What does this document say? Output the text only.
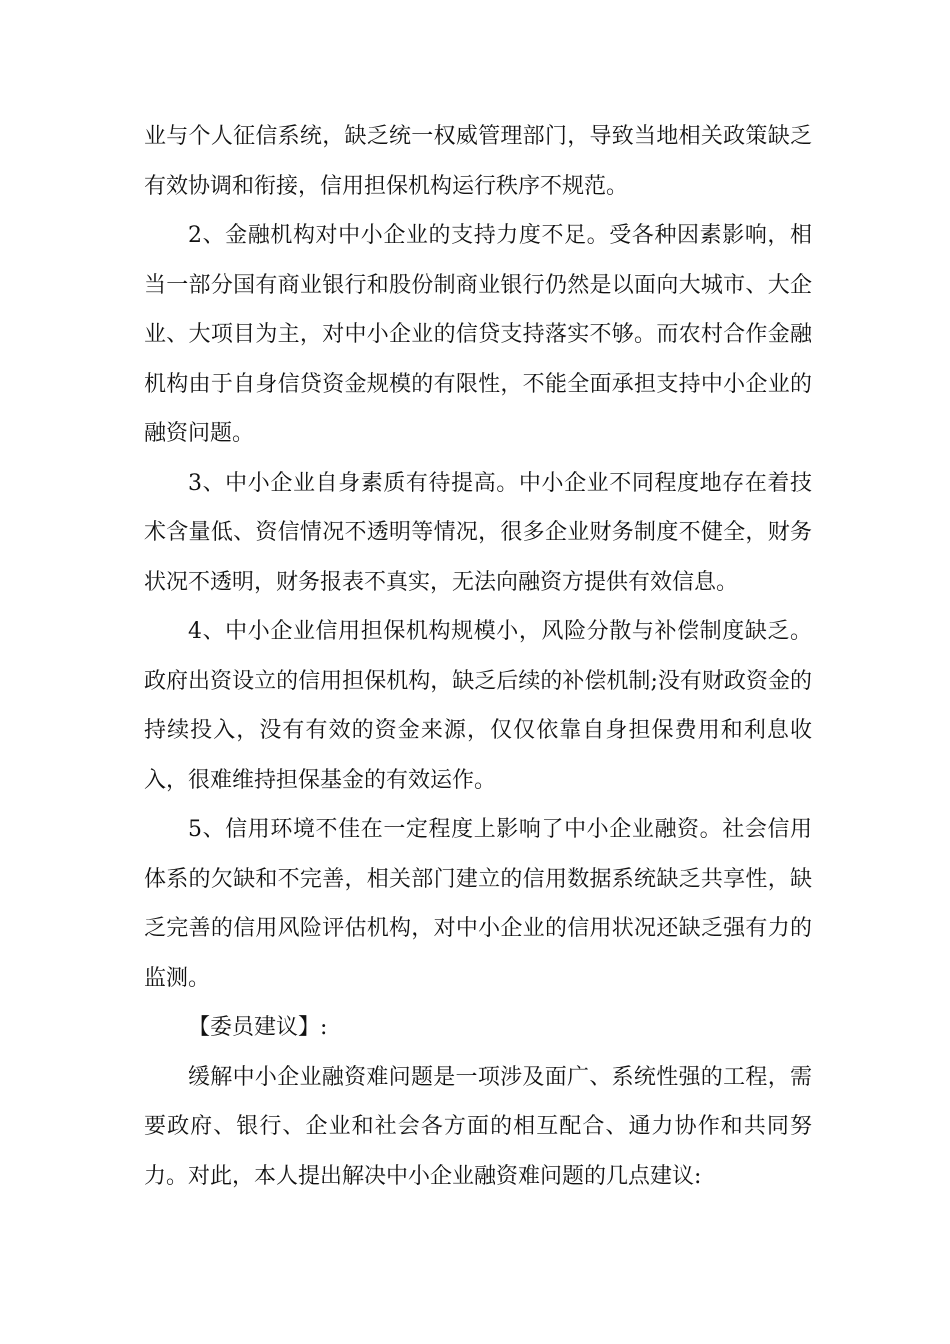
业与个人征信系统，缺乏统一权威管理部门，导致当地相关政策缺乏有效协调和衔接，信用担保机构运行秩序不规范。

2、金融机构对中小企业的支持力度不足。受各种因素影响，相当一部分国有商业银行和股份制商业银行仍然是以面向大城市、大企业、大项目为主，对中小企业的信贷支持落实不够。而农村合作金融机构由于自身信贷资金规模的有限性，不能全面承担支持中小企业的融资问题。

3、中小企业自身素质有待提高。中小企业不同程度地存在着技术含量低、资信情况不透明等情况，很多企业财务制度不健全，财务状况不透明，财务报表不真实，无法向融资方提供有效信息。

4、中小企业信用担保机构规模小，风险分散与补偿制度缺乏。政府出资设立的信用担保机构，缺乏后续的补偿机制;没有财政资金的持续投入，没有有效的资金来源，仅仅依靠自身担保费用和利息收入，很难维持担保基金的有效运作。

5、信用环境不佳在一定程度上影响了中小企业融资。社会信用体系的欠缺和不完善，相关部门建立的信用数据系统缺乏共享性，缺乏完善的信用风险评估机构，对中小企业的信用状况还缺乏强有力的监测。

【委员建议】:

缓解中小企业融资难问题是一项涉及面广、系统性强的工程，需要政府、银行、企业和社会各方面的相互配合、通力协作和共同努力。对此，本人提出解决中小企业融资难问题的几点建议:
